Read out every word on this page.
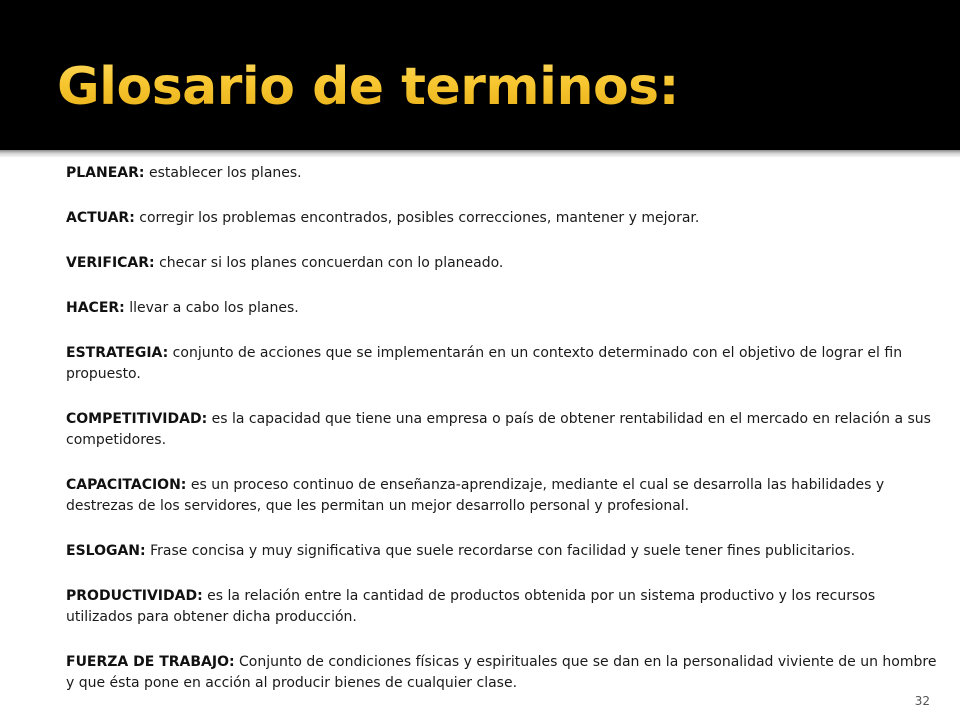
Glosario de terminos:

PLANEAR: establecer los planes.

ACTUAR: corregir los problemas encontrados, posibles correcciones, mantener y mejorar.

VERIFICAR: checar si los planes concuerdan con lo planeado.

HACER: llevar a cabo los planes.

ESTRATEGIA: conjunto de acciones que se implementarán en un contexto determinado con el objetivo de lograr el fin propuesto.

COMPETITIVIDAD: es la capacidad que tiene una empresa o país de obtener rentabilidad en el mercado en relación a sus competidores.

CAPACITACION: es un proceso continuo de enseñanza-aprendizaje, mediante el cual se desarrolla las habilidades y destrezas de los servidores, que les permitan un mejor desarrollo personal y profesional.

ESLOGAN: Frase concisa y muy significativa que suele recordarse con facilidad y suele tener fines publicitarios.

PRODUCTIVIDAD: es la relación entre la cantidad de productos obtenida por un sistema productivo y los recursos utilizados para obtener dicha producción.

FUERZA DE TRABAJO: Conjunto de condiciones físicas y espirituales que se dan en la personalidad viviente de un hombre y que ésta pone en acción al producir bienes de cualquier clase.

32
